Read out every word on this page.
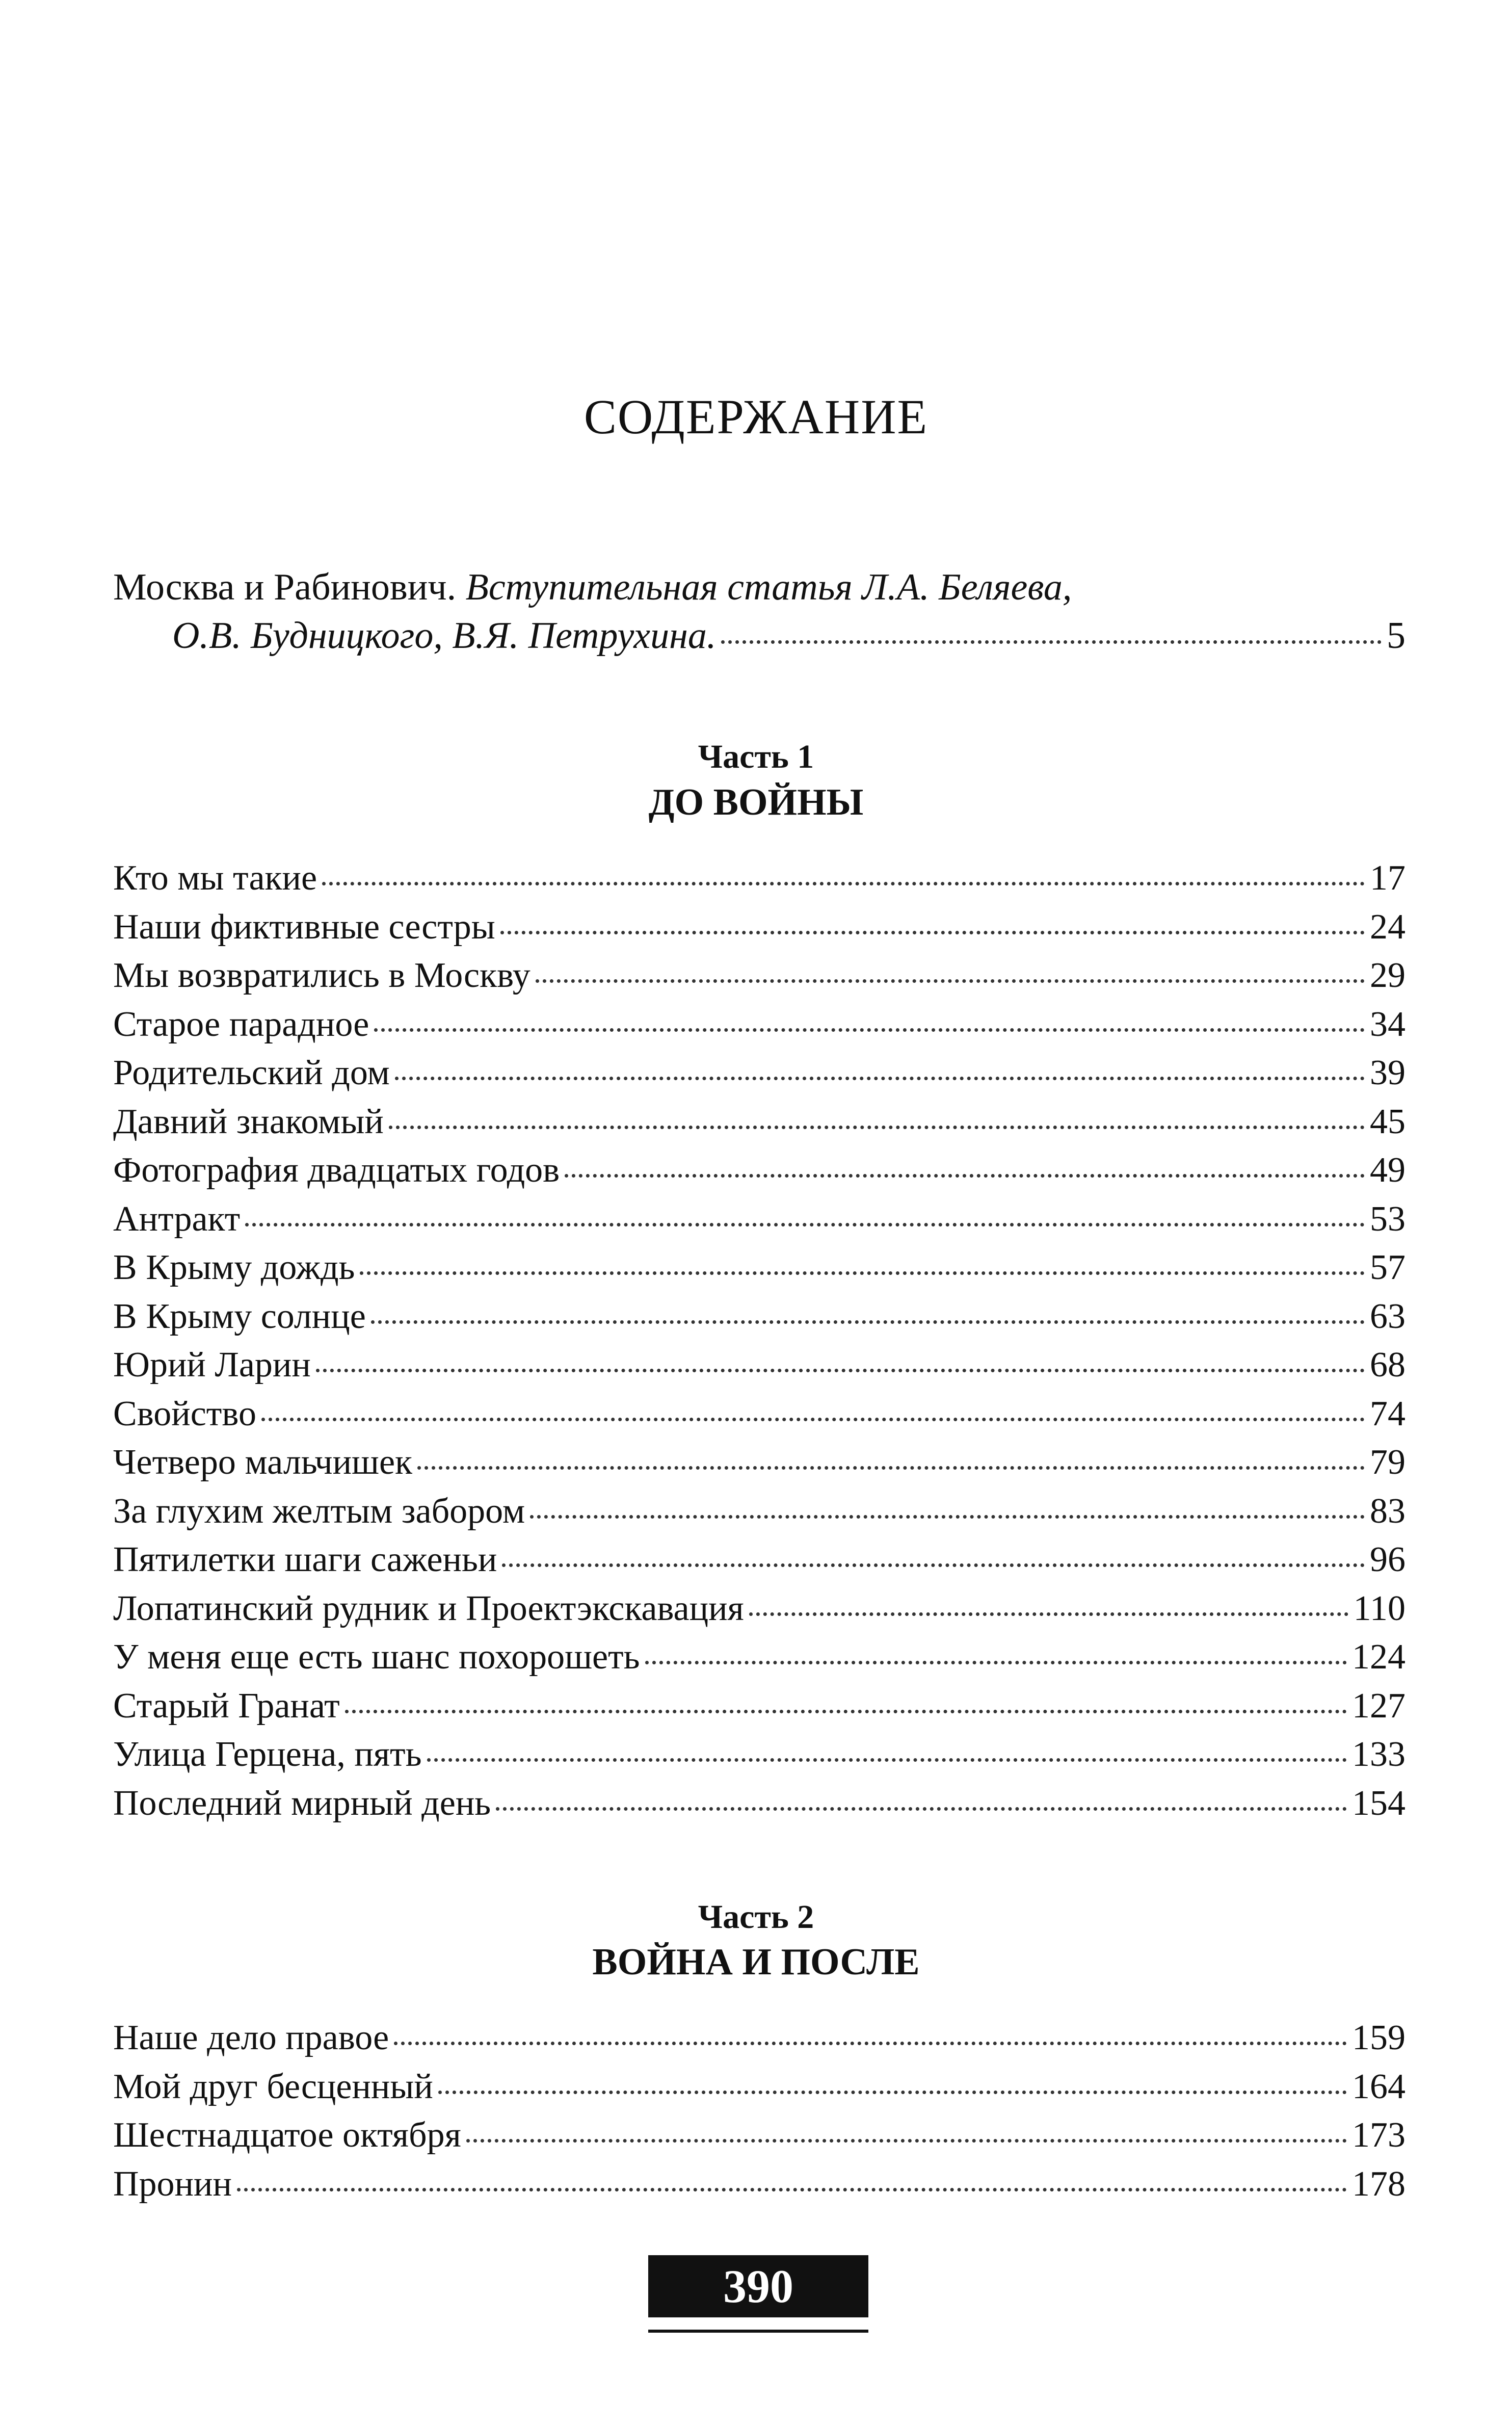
СОДЕРЖАНИЕ
Москва и Рабинович. Вступительная статья Л.А. Беляева,
О.В. Будницкого, В.Я. Петрухина.	5
Часть 1
ДО ВОЙНЫ
Кто мы такие	17
Наши фиктивные сестры	24
Мы возвратились в Москву	29
Старое парадное	34
Родительский дом	39
Давний знакомый	45
Фотография двадцатых годов	49
Антракт	53
В Крыму дождь	57
В Крыму солнце	63
Юрий Ларин	68
Свойство	74
Четверо мальчишек	79
За глухим желтым забором	83
Пятилетки шаги саженьи	96
Лопатинский рудник и Проектэкскавация	110
У меня еще есть шанс похорошеть	124
Старый Гранат	127
Улица Герцена, пять	133
Последний мирный день	154
Часть 2
ВОЙНА И ПОСЛЕ
Наше дело правое	159
Мой друг бесценный	164
Шестнадцатое октября	173
Пронин	178
390
